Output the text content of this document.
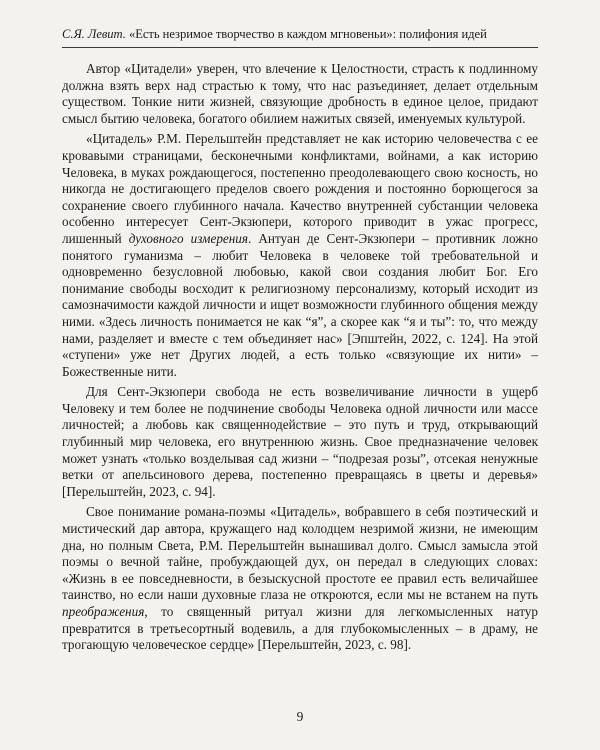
С.Я. Левит. «Есть незримое творчество в каждом мгновеньи»: полифония идей

Автор «Цитадели» уверен, что влечение к Целостности, страсть к подлинному должна взять верх над страстью к тому, что нас разъединяет, делает отдельным существом. Тонкие нити жизней, связующие дробность в единое целое, придают смысл бытию человека, богатого обилием нажитых связей, именуемых культурой.

«Цитадель» Р.М. Перельштейн представляет не как историю человечества с ее кровавыми страницами, бесконечными конфликтами, войнами, а как историю Человека, в муках рождающегося, постепенно преодолевающего свою косность, но никогда не достигающего пределов своего рождения и постоянно борющегося за сохранение своего глубинного начала. Качество внутренней субстанции человека особенно интересует Сент-Экзюпери, которого приводит в ужас прогресс, лишенный духовного измерения. Антуан де Сент-Экзюпери – противник ложно понятого гуманизма – любит Человека в человеке той требовательной и одновременно безусловной любовью, какой свои создания любит Бог. Его понимание свободы восходит к религиозному персонализму, который исходит из самозначимости каждой личности и ищет возможности глубинного общения между ними. «Здесь личность понимается не как “я”, а скорее как “я и ты”: то, что между нами, разделяет и вместе с тем объединяет нас» [Эпштейн, 2022, с. 124]. На этой «ступени» уже нет Других людей, а есть только «связующие их нити» – Божественные нити.

Для Сент-Экзюпери свобода не есть возвеличивание личности в ущерб Человеку и тем более не подчинение свободы Человека одной личности или массе личностей; а любовь как священнодействие – это путь и труд, открывающий глубинный мир человека, его внутреннюю жизнь. Свое предназначение человек может узнать «только возделывая сад жизни – “подрезая розы”, отсекая ненужные ветки от апельсинового дерева, постепенно превращаясь в цветы и деревья» [Перельштейн, 2023, с. 94].

Свое понимание романа-поэмы «Цитадель», вобравшего в себя поэтический и мистический дар автора, кружащего над колодцем незримой жизни, не имеющим дна, но полным Света, Р.М. Перельштейн вынашивал долго. Смысл замысла этой поэмы о вечной тайне, пробуждающей дух, он передал в следующих словах: «Жизнь в ее повседневности, в безыскусной простоте ее правил есть величайшее таинство, но если наши духовные глаза не откроются, если мы не встанем на путь преображения, то священный ритуал жизни для легкомысленных натур превратится в третьесортный водевиль, а для глубокомысленных – в драму, не трогающую человеческое сердце» [Перельштейн, 2023, с. 98].

9
